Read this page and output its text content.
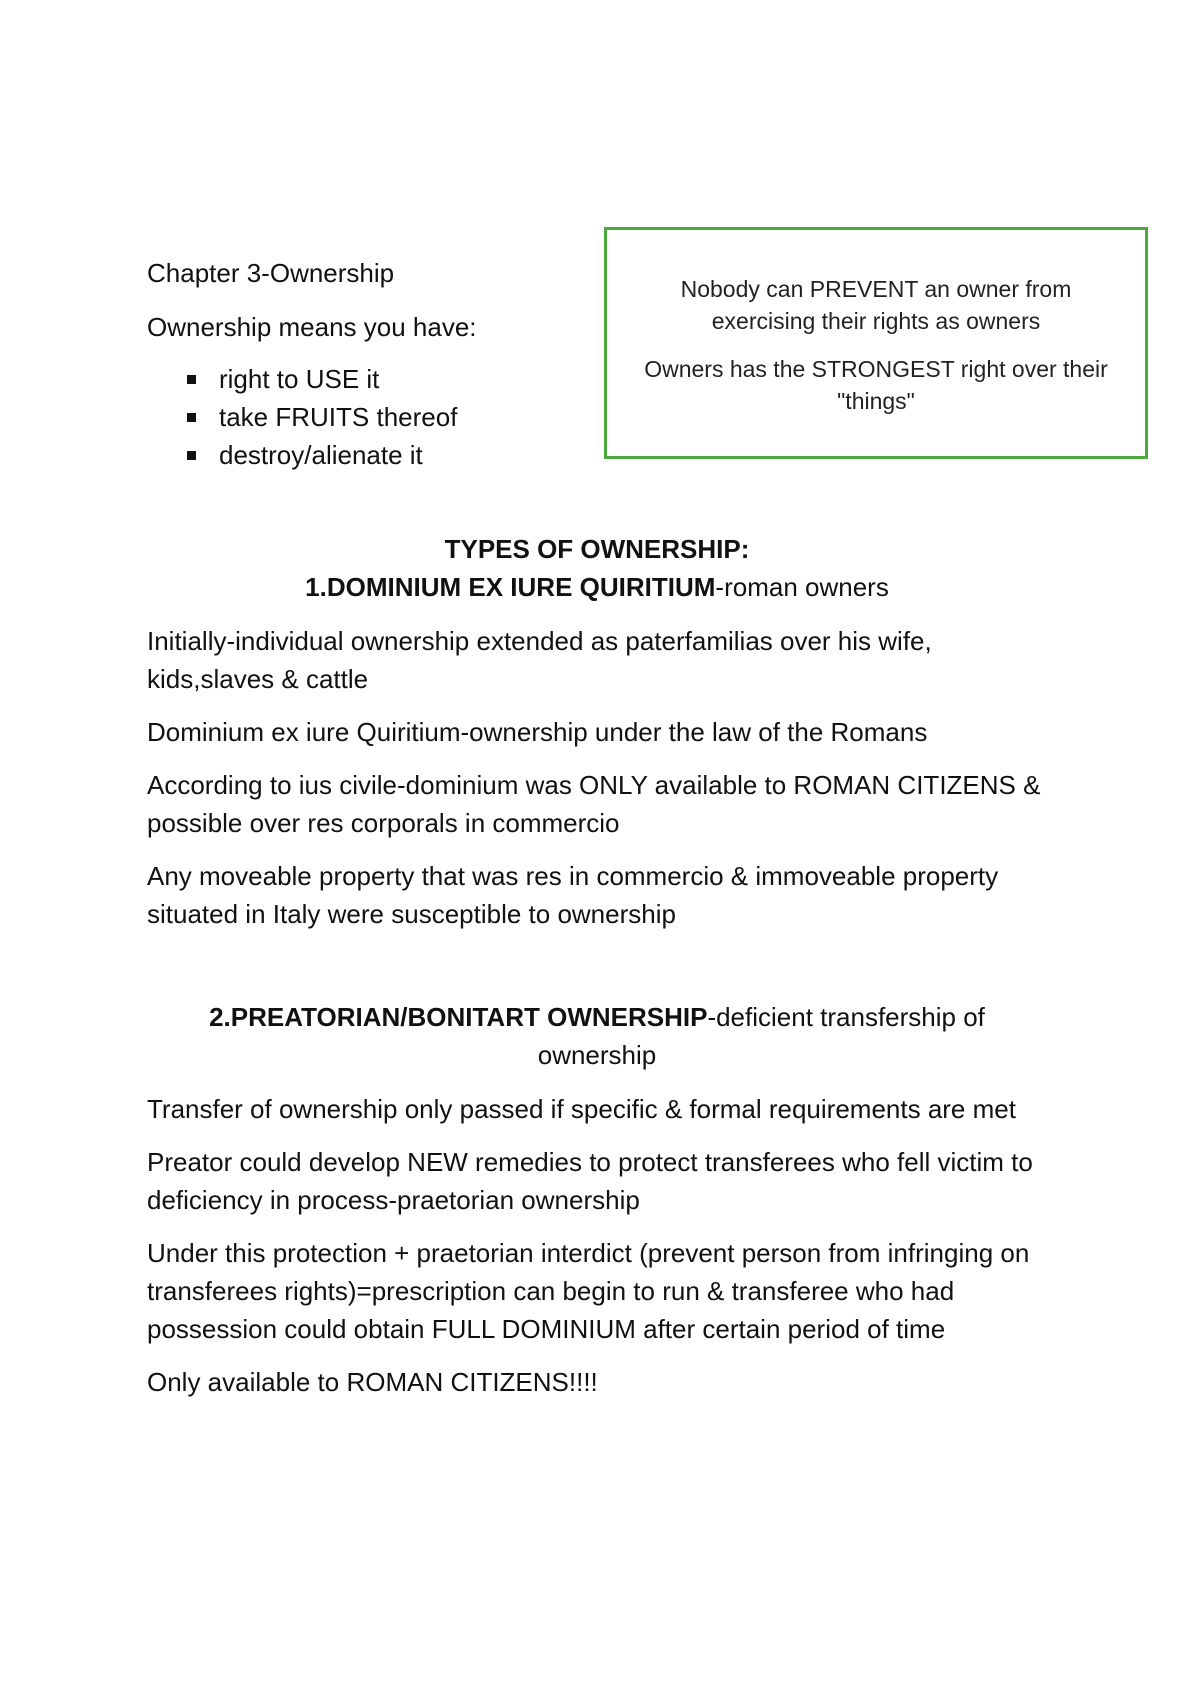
Nobody can PREVENT an owner from exercising their rights as owners

Owners has the STRONGEST right over their "things"

Chapter 3-Ownership

Ownership means you have:

right to USE it
take FRUITS thereof
destroy/alienate it
TYPES OF OWNERSHIP:
1.DOMINIUM EX IURE QUIRITIUM-roman owners

Initially-individual ownership extended as paterfamilias over his wife, kids,slaves & cattle

Dominium ex iure Quiritium-ownership under the law of the Romans

According to ius civile-dominium was ONLY available to ROMAN CITIZENS & possible over res corporals in commercio

Any moveable property that was res in commercio & immoveable property situated in Italy were susceptible to ownership

2.PREATORIAN/BONITART OWNERSHIP-deficient transfership of ownership

Transfer of ownership only passed if specific & formal requirements are met

Preator could develop NEW remedies to protect transferees who fell victim to deficiency in process-praetorian ownership

Under this protection + praetorian interdict (prevent person from infringing on transferees rights)=prescription can begin to run & transferee who had possession could obtain FULL DOMINIUM after certain period of time

Only available to ROMAN CITIZENS!!!!
